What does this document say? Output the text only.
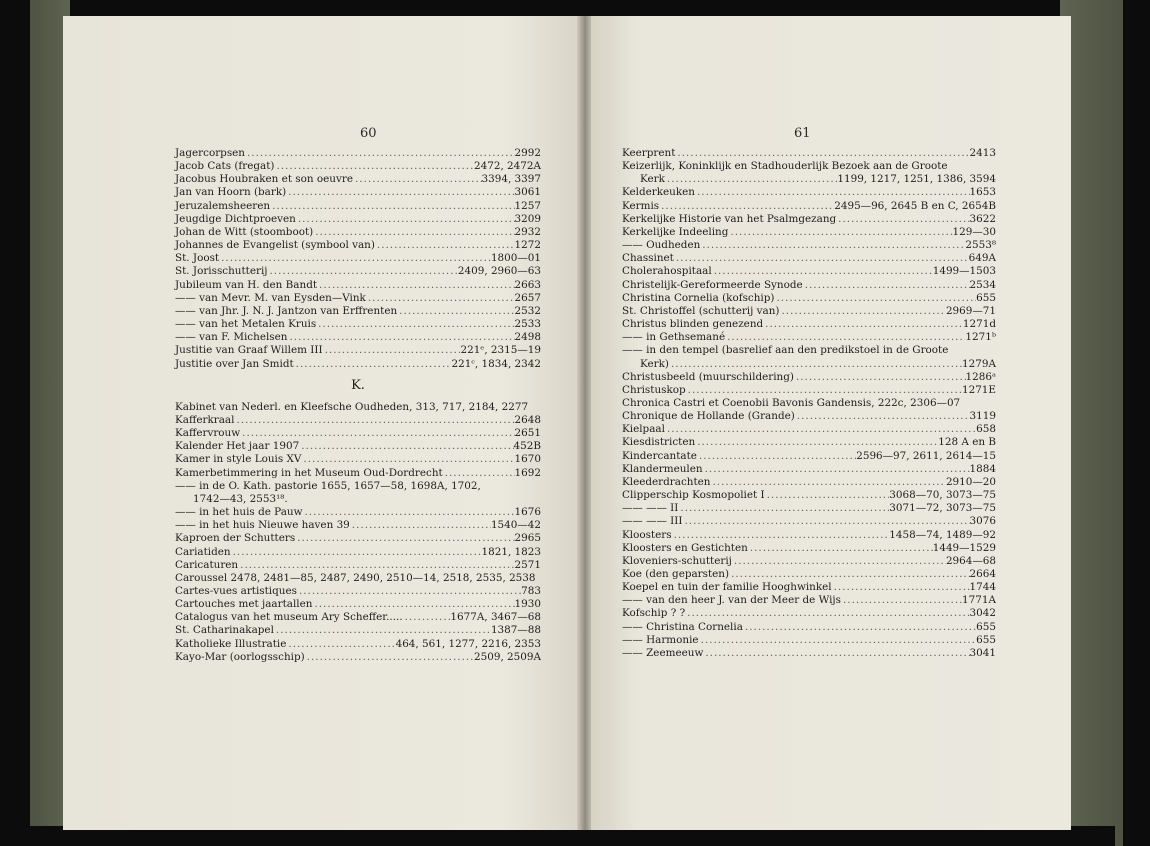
60
Jagercorpsen .....	2992
Jacob Cats (fregat) .....	2472, 2472A
Jacobus Houbraken et son oeuvre .....	3394, 3397
Jan van Hoorn (bark) .....	3061
Jeruzalemsheeren .....	1257
Jeugdige Dichtproeven .....	3209
Johan de Witt (stoomboot) .....	2932
Johannes de Evangelist (symbool van) .....	1272
St. Joost .....	1800—01
St. Jorisschutterij .....	2409, 2960—63
Jubileum van H. den Bandt .....	2663
—— van Mevr. M. van Eysden—Vink .....	2657
—— van Jhr. J. N. J. Jantzon van Erffrenten .....	2532
—— van het Metalen Kruis .....	2533
—— van F. Michelsen .....	2498
Justitie van Graaf Willem III .....	221ᵉ, 2315—19
Justitie over Jan Smidt .....	221ᶜ, 1834, 2342
K.
Kabinet van Nederl. en Kleefsche Oudheden, 313, 717, 2184, 2277
Kafferkraal .....	2648
Kaffervrouw .....	2651
Kalender Het jaar 1907 .....	452B
Kamer in style Louis XV .....	1670
Kamerbetimmering in het Museum Oud-Dordrecht .....	1692
—— in de O. Kath. pastorie 1655, 1657—58, 1698A, 1702,
1742—43, 2553¹⁸.
—— in het huis de Pauw .....	1676
—— in het huis Nieuwe haven 39 .....	1540—42
Kaproen der Schutters .....	2965
Cariatiden .....	1821, 1823
Caricaturen .....	2571
Caroussel 2478, 2481—85, 2487, 2490, 2510—14, 2518, 2535, 2538
Cartes-vues artistiques .....	783
Cartouches met jaartallen .....	1930
Catalogus van het museum Ary Scheffer..... .....	1677A, 3467—68
St. Catharinakapel .....	1387—88
Katholieke Illustratie .....	464, 561, 1277, 2216, 2353
Kayo-Mar (oorlogsschip) .....	2509, 2509A
61
Keerprent .....	2413
Keizerlijk, Koninklijk en Stadhouderlijk Bezoek aan de Groote
Kerk .....	1199, 1217, 1251, 1386, 3594
Kelderkeuken .....	1653
Kermis .....	2495—96, 2645 B en C, 2654B
Kerkelijke Historie van het Psalmgezang .....	3622
Kerkelijke Indeeling .....	129—30
—— Oudheden .....	2553⁸
Chassinet .....	649A
Cholerahospitaal .....	1499—1503
Christelijk-Gereformeerde Synode .....	2534
Christina Cornelia (kofschip) .....	655
St. Christoffel (schutterij van) .....	2969—71
Christus blinden genezend .....	1271d
—— in Gethsemané .....	1271ᵇ
—— in den tempel (basrelief aan den predikstoel in de Groote
Kerk) .....	1279A
Christusbeeld (muurschildering) .....	1286ᵃ
Christuskop .....	1271E
Chronica Castri et Coenobii Bavonis Gandensis, 222c, 2306—07
Chronique de Hollande (Grande) .....	3119
Kielpaal .....	658
Kiesdistricten .....	128 A en B
Kindercantate .....	2596—97, 2611, 2614—15
Klandermeulen .....	1884
Kleederdrachten .....	2910—20
Clipperschip Kosmopoliet I .....	3068—70, 3073—75
—— —— II .....	3071—72, 3073—75
—— —— III .....	3076
Kloosters .....	1458—74, 1489—92
Kloosters en Gestichten .....	1449—1529
Kloveniers-schutterij .....	2964—68
Koe (den geparsten) .....	2664
Koepel en tuin der familie Hooghwinkel .....	1744
—— van den heer J. van der Meer de Wijs .....	1771A
Kofschip ? ? .....	3042
—— Christina Cornelia .....	655
—— Harmonie .....	655
—— Zeemeeuw .....	3041
